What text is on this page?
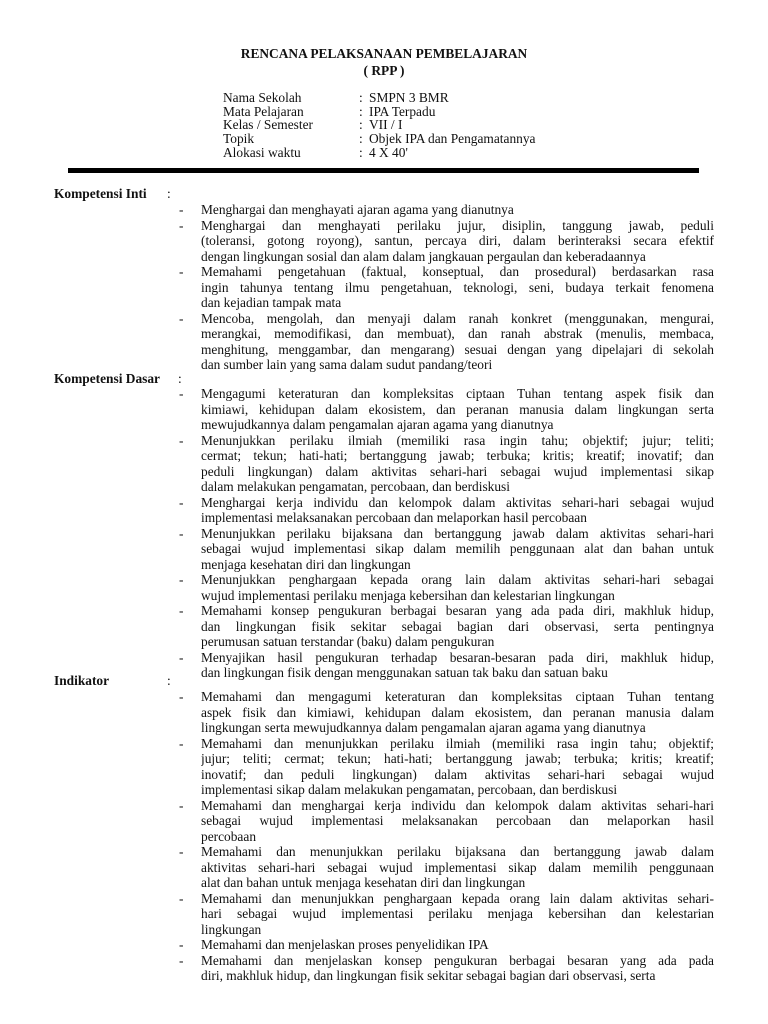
RENCANA PELAKSANAAN PEMBELAJARAN
( RPP )
Nama Sekolah	: SMPN 3 BMR
Mata Pelajaran	: IPA Terpadu
Kelas / Semester	: VII / I
Topik	: Objek IPA dan Pengamatannya
Alokasi waktu	: 4 X 40'
Kompetensi Inti :
- Menghargai dan menghayati ajaran agama yang dianutnya
- Menghargai dan menghayati perilaku jujur, disiplin, tanggung jawab, peduli
(toleransi, gotong royong), santun, percaya diri, dalam berinteraksi secara efektif
dengan lingkungan sosial dan alam dalam jangkauan pergaulan dan keberadaannya
- Memahami pengetahuan (faktual, konseptual, dan prosedural) berdasarkan rasa
ingin tahunya tentang ilmu pengetahuan, teknologi, seni, budaya terkait fenomena
dan kejadian tampak mata
- Mencoba, mengolah, dan menyaji dalam ranah konkret (menggunakan, mengurai,
merangkai, memodifikasi, dan membuat), dan ranah abstrak (menulis, membaca,
menghitung, menggambar, dan mengarang) sesuai dengan yang dipelajari di sekolah
dan sumber lain yang sama dalam sudut pandang/teori
Kompetensi Dasar :
- Mengagumi keteraturan dan kompleksitas ciptaan Tuhan tentang aspek fisik dan
kimiawi, kehidupan dalam ekosistem, dan peranan manusia dalam lingkungan serta
mewujudkannya dalam pengamalan ajaran agama yang dianutnya
- Menunjukkan perilaku ilmiah (memiliki rasa ingin tahu; objektif; jujur; teliti;
cermat; tekun; hati-hati; bertanggung jawab; terbuka; kritis; kreatif; inovatif; dan
peduli lingkungan) dalam aktivitas sehari-hari sebagai wujud implementasi sikap
dalam melakukan pengamatan, percobaan, dan berdiskusi
- Menghargai kerja individu dan kelompok dalam aktivitas sehari-hari sebagai wujud
implementasi melaksanakan percobaan dan melaporkan hasil percobaan
- Menunjukkan perilaku bijaksana dan bertanggung jawab dalam aktivitas sehari-hari
sebagai wujud implementasi sikap dalam memilih penggunaan alat dan bahan untuk
menjaga kesehatan diri dan lingkungan
- Menunjukkan penghargaan kepada orang lain dalam aktivitas sehari-hari sebagai
wujud implementasi perilaku menjaga kebersihan dan kelestarian lingkungan
- Memahami konsep pengukuran berbagai besaran yang ada pada diri, makhluk hidup,
dan lingkungan fisik sekitar sebagai bagian dari observasi, serta pentingnya
perumusan satuan terstandar (baku) dalam pengukuran
- Menyajikan hasil pengukuran terhadap besaran-besaran pada diri, makhluk hidup,
dan lingkungan fisik dengan menggunakan satuan tak baku dan satuan baku
Indikator	:
- Memahami dan mengagumi keteraturan dan kompleksitas ciptaan Tuhan tentang
aspek fisik dan kimiawi, kehidupan dalam ekosistem, dan peranan manusia dalam
lingkungan serta mewujudkannya dalam pengamalan ajaran agama yang dianutnya
- Memahami dan menunjukkan perilaku ilmiah (memiliki rasa ingin tahu; objektif;
jujur; teliti; cermat; tekun; hati-hati; bertanggung jawab; terbuka; kritis; kreatif;
inovatif; dan peduli lingkungan) dalam aktivitas sehari-hari sebagai wujud
implementasi sikap dalam melakukan pengamatan, percobaan, dan berdiskusi
- Memahami dan menghargai kerja individu dan kelompok dalam aktivitas sehari-hari
sebagai wujud implementasi melaksanakan percobaan dan melaporkan hasil
percobaan
- Memahami dan menunjukkan perilaku bijaksana dan bertanggung jawab dalam
aktivitas sehari-hari sebagai wujud implementasi sikap dalam memilih penggunaan
alat dan bahan untuk menjaga kesehatan diri dan lingkungan
- Memahami dan menunjukkan penghargaan kepada orang lain dalam aktivitas sehari-
hari sebagai wujud implementasi perilaku menjaga kebersihan dan kelestarian
lingkungan
- Memahami dan menjelaskan proses penyelidikan IPA
- Memahami dan menjelaskan konsep pengukuran berbagai besaran yang ada pada
diri, makhluk hidup, dan lingkungan fisik sekitar sebagai bagian dari observasi, serta
